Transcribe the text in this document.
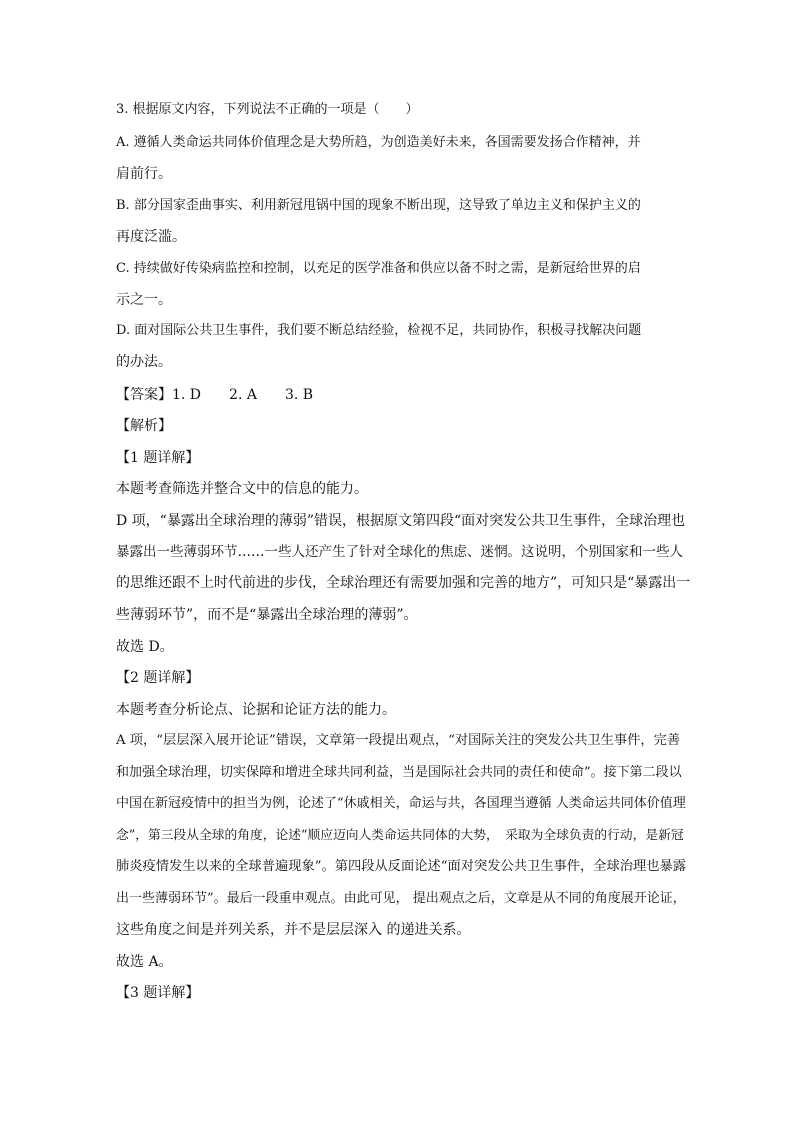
3. 根据原文内容，下列说法不正确的一项是（　　）
A. 遵循人类命运共同体价值理念是大势所趋，为创造美好未来，各国需要发扬合作精神，并
肩前行。
B. 部分国家歪曲事实、利用新冠甩锅中国的现象不断出现，这导致了单边主义和保护主义的
再度泛滥。
C. 持续做好传染病监控和控制，以充足的医学准备和供应以备不时之需，是新冠给世界的启
示之一。
D. 面对国际公共卫生事件，我们要不断总结经验，检视不足，共同协作，积极寻找解决问题
的办法。
【答案】1. D　　2. A　　3. B
【解析】
【1 题详解】
本题考查筛选并整合文中的信息的能力。
D 项，“暴露出全球治理的薄弱”错误，根据原文第四段“面对突发公共卫生事件，全球治理也
暴露出一些薄弱环节……一些人还产生了针对全球化的焦虑、迷惘。这说明，个别国家和一些人
的思维还跟不上时代前进的步伐，全球治理还有需要加强和完善的地方”，可知只是“暴露出一
些薄弱环节”，而不是“暴露出全球治理的薄弱”。
故选 D。
【2 题详解】
本题考查分析论点、论据和论证方法的能力。
A 项，“层层深入展开论证”错误，文章第一段提出观点，“对国际关注的突发公共卫生事件，完善
和加强全球治理，切实保障和增进全球共同利益，当是国际社会共同的责任和使命”。接下第二段以
中国在新冠疫情中的担当为例，论述了“休戚相关，命运与共，各国理当遵循 人类命运共同体价值理
念”，第三段从全球的角度，论述“顺应迈向人类命运共同体的大势，　采取为全球负责的行动，是新冠
肺炎疫情发生以来的全球普遍现象”。第四段从反面论述“面对突发公共卫生事件，全球治理也暴露
出一些薄弱环节”。最后一段重申观点。由此可见， 提出观点之后，文章是从不同的角度展开论证，
这些角度之间是并列关系，并不是层层深入 的递进关系。
故选 A。
【3 题详解】
